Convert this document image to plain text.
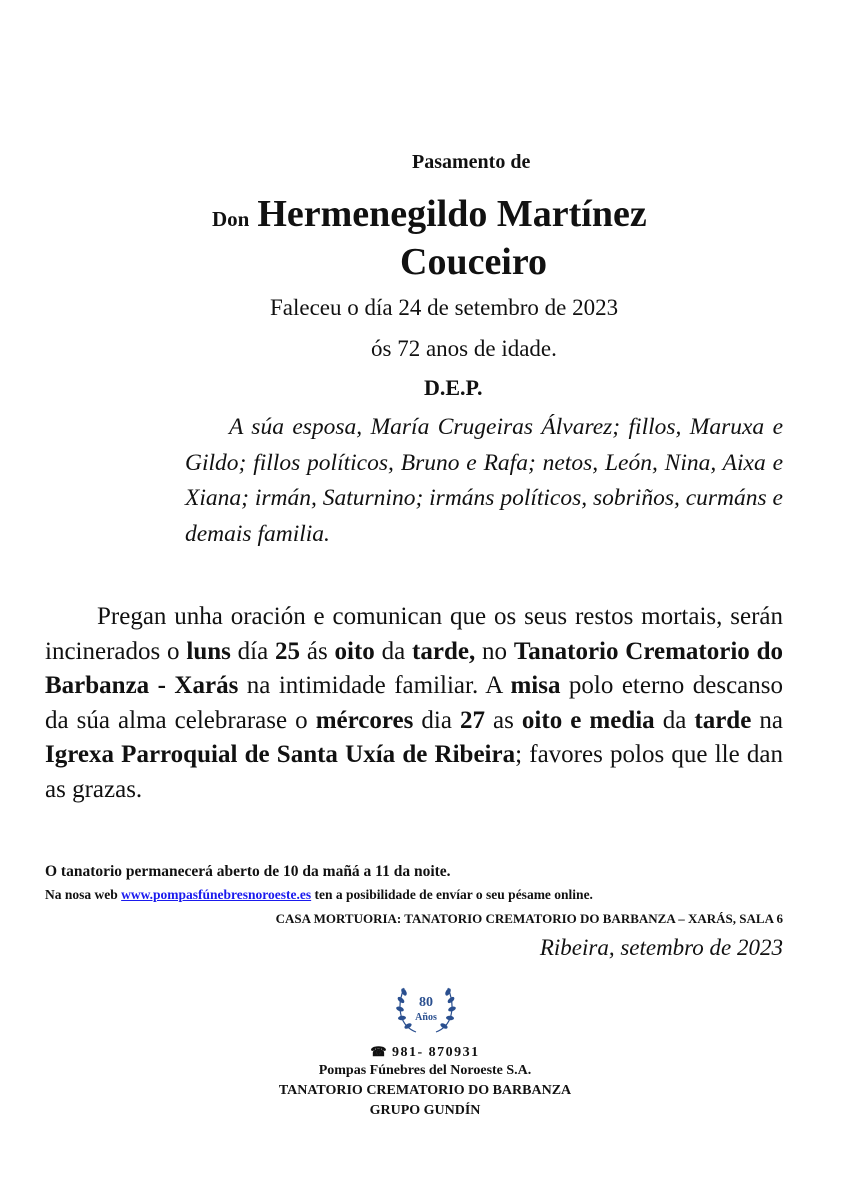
Pasamento de
Don Hermenegildo Martínez
Couceiro
Faleceu o día 24 de setembro de 2023
ós 72 anos de idade.
D.E.P.
A súa esposa, María Crugeiras Álvarez; fillos, Maruxa e Gildo; fillos políticos, Bruno e Rafa; netos, León, Nina, Aixa e Xiana; irmán, Saturnino; irmáns políticos, sobriños, curmáns e demais familia.
Pregan unha oración e comunican que os seus restos mortais, serán incinerados o luns día 25 ás oito da tarde, no Tanatorio Crematorio do Barbanza - Xarás na intimidade familiar. A misa polo eterno descanso da súa alma celebrarase o mércores dia 27 as oito e media da tarde na Igrexa Parroquial de Santa Uxía de Ribeira; favores polos que lle dan as grazas.
O tanatorio permanecerá aberto de 10 da mañá a 11 da noite.
Na nosa web www.pompasfúnebresnoroeste.es ten a posibilidade de envíar o seu pésame online.
CASA MORTUORIA: TANATORIO CREMATORIO DO BARBANZA – XARÁS, SALA 6
Ribeira, setembro de 2023
80
Años
☎ 981- 870931
Pompas Fúnebres del Noroeste S.A.
TANATORIO CREMATORIO DO BARBANZA
GRUPO GUNDÍN
